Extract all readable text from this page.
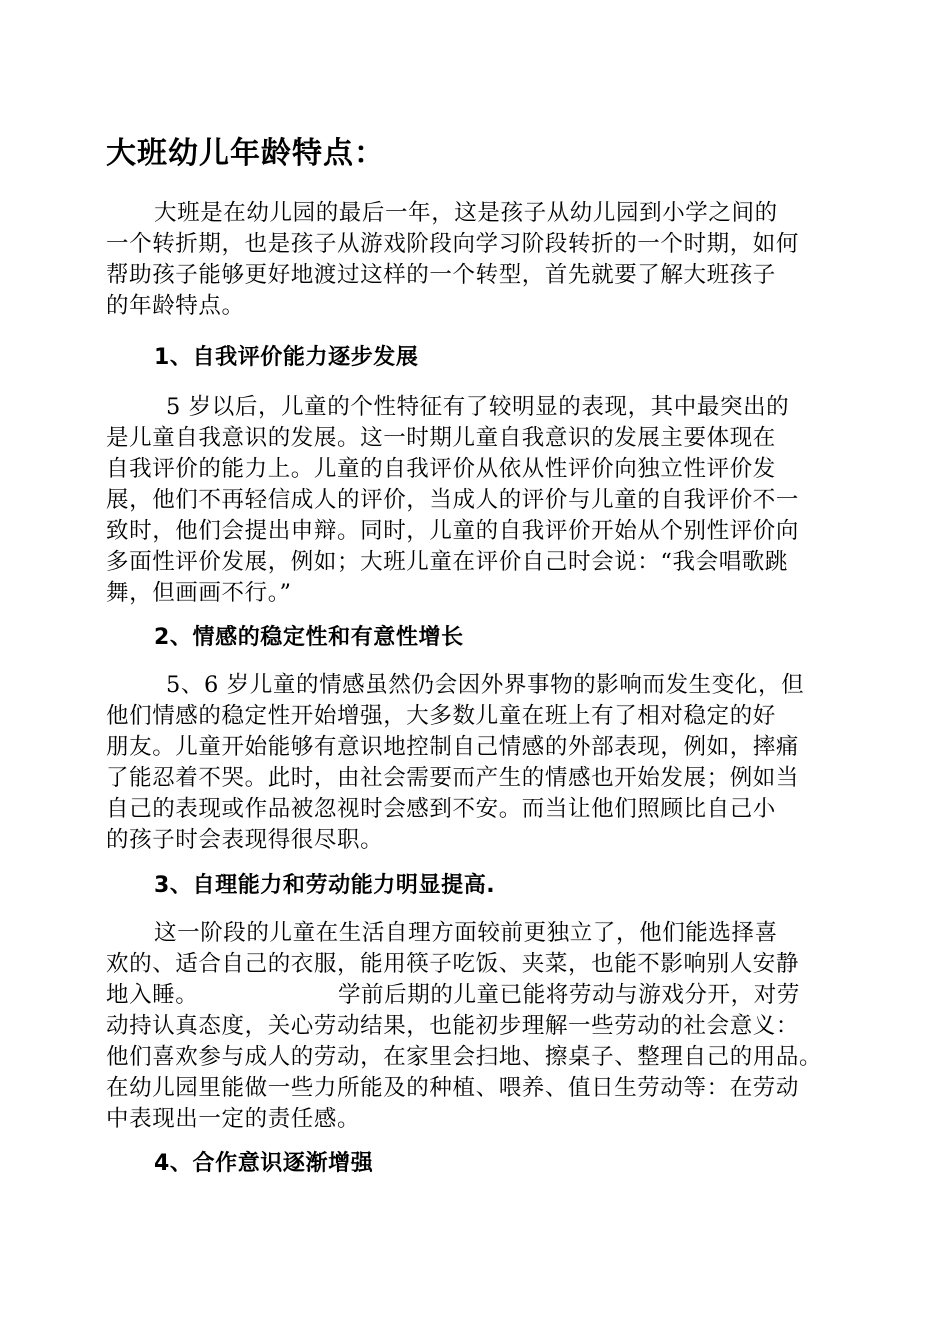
大班幼儿年龄特点：

大班是在幼儿园的最后一年，这是孩子从幼儿园到小学之间的
一个转折期，也是孩子从游戏阶段向学习阶段转折的一个时期，如何
帮助孩子能够更好地渡过这样的一个转型，首先就要了解大班孩子
的年龄特点。

1、自我评价能力逐步发展

5 岁以后，儿童的个性特征有了较明显的表现，其中最突出的
是儿童自我意识的发展。这一时期儿童自我意识的发展主要体现在
自我评价的能力上。儿童的自我评价从依从性评价向独立性评价发
展，他们不再轻信成人的评价，当成人的评价与儿童的自我评价不一
致时，他们会提出申辩。同时，儿童的自我评价开始从个别性评价向
多面性评价发展，例如；大班儿童在评价自己时会说：“我会唱歌跳
舞，但画画不行。”

2、情感的稳定性和有意性增长

5、6 岁儿童的情感虽然仍会因外界事物的影响而发生变化，但
他们情感的稳定性开始增强，大多数儿童在班上有了相对稳定的好
朋友。儿童开始能够有意识地控制自己情感的外部表现，例如，摔痛
了能忍着不哭。此时，由社会需要而产生的情感也开始发展；例如当
自己的表现或作品被忽视时会感到不安。而当让他们照顾比自己小
的孩子时会表现得很尽职。

3、自理能力和劳动能力明显提高.

这一阶段的儿童在生活自理方面较前更独立了，他们能选择喜
欢的、适合自己的衣服，能用筷子吃饭、夹菜，也能不影响别人安静
地入睡。                  学前后期的儿童已能将劳动与游戏分开，对劳
动持认真态度，关心劳动结果，也能初步理解一些劳动的社会意义：
他们喜欢参与成人的劳动，在家里会扫地、擦桌子、整理自己的用品。
在幼儿园里能做一些力所能及的种植、喂养、值日生劳动等：在劳动
中表现出一定的责任感。

4、合作意识逐渐增强
